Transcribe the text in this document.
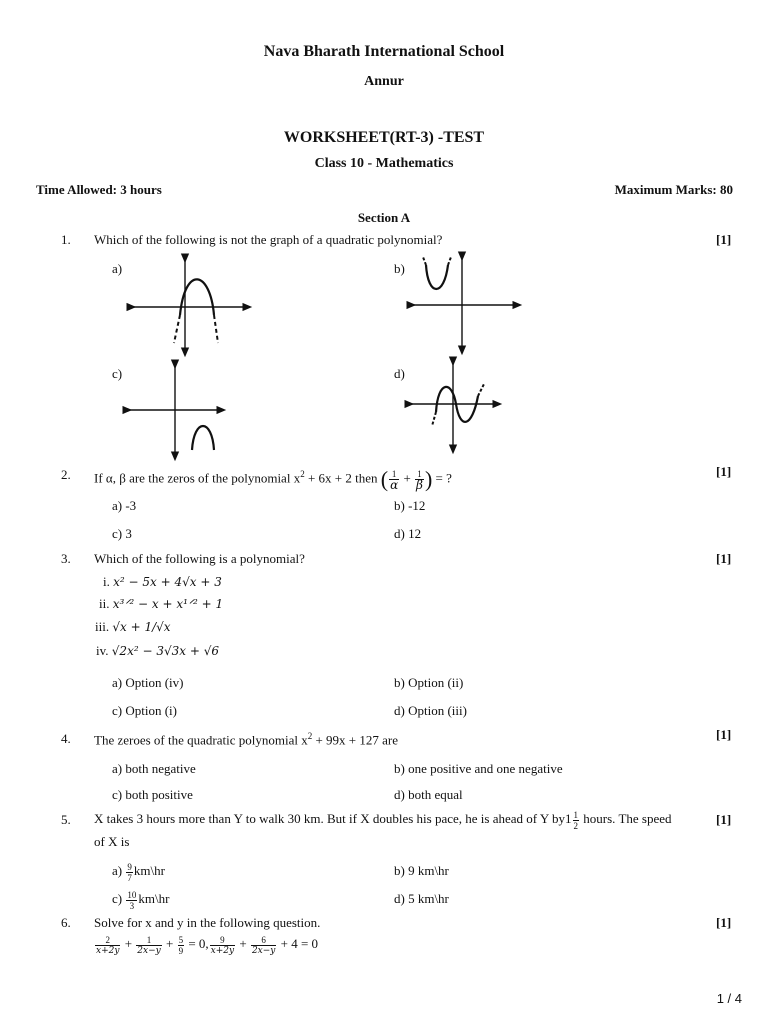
Nava Bharath International School
Annur
WORKSHEET(RT-3) -TEST
Class 10 - Mathematics
Time Allowed: 3 hours	Maximum Marks: 80
Section A
1. Which of the following is not the graph of a quadratic polynomial?	[1]
a)	b)
c)	d)
2. If α, β are the zeros of the polynomial $x^2 + 6x + 2$ then ( $\frac{1}{\alpha} + \frac{1}{\beta}$ ) = ?	[1]
a) -3	b) -12
c) 3	d) 12
3. Which of the following is a polynomial?	[1]
i. x² − 5x + 4√x + 3
ii. x³ᐟ² − x + x¹ᐟ² + 1
iii. √x + 1/√x
iv. √2x² − 3√3x + √6
a) Option (iv)	b) Option (ii)
c) Option (i)	d) Option (iii)
4. The zeroes of the quadratic polynomial $x^2 + 99x + 127$ are	[1]
a) both negative	b) one positive and one negative
c) both positive	d) both equal
5. X takes 3 hours more than Y to walk 30 km. But if X doubles his pace, he is ahead of Y $by1 \frac{1}{2}$ hours. The speed
of X is
[1]
$a) \frac{9}{7}$ km\hr	b) 9 km\hr
$c) \frac{10}{3}$ km\hr	d) 5 km\hr
6. Solve for x and y in the following question.	[1]
$\frac{2}{x+2y} + \frac{1}{2x-y} + \frac{5}{9} = 0$, $\frac{9}{x+2y} + \frac{6}{2x-y} + 4 = 0$
1 / 4
